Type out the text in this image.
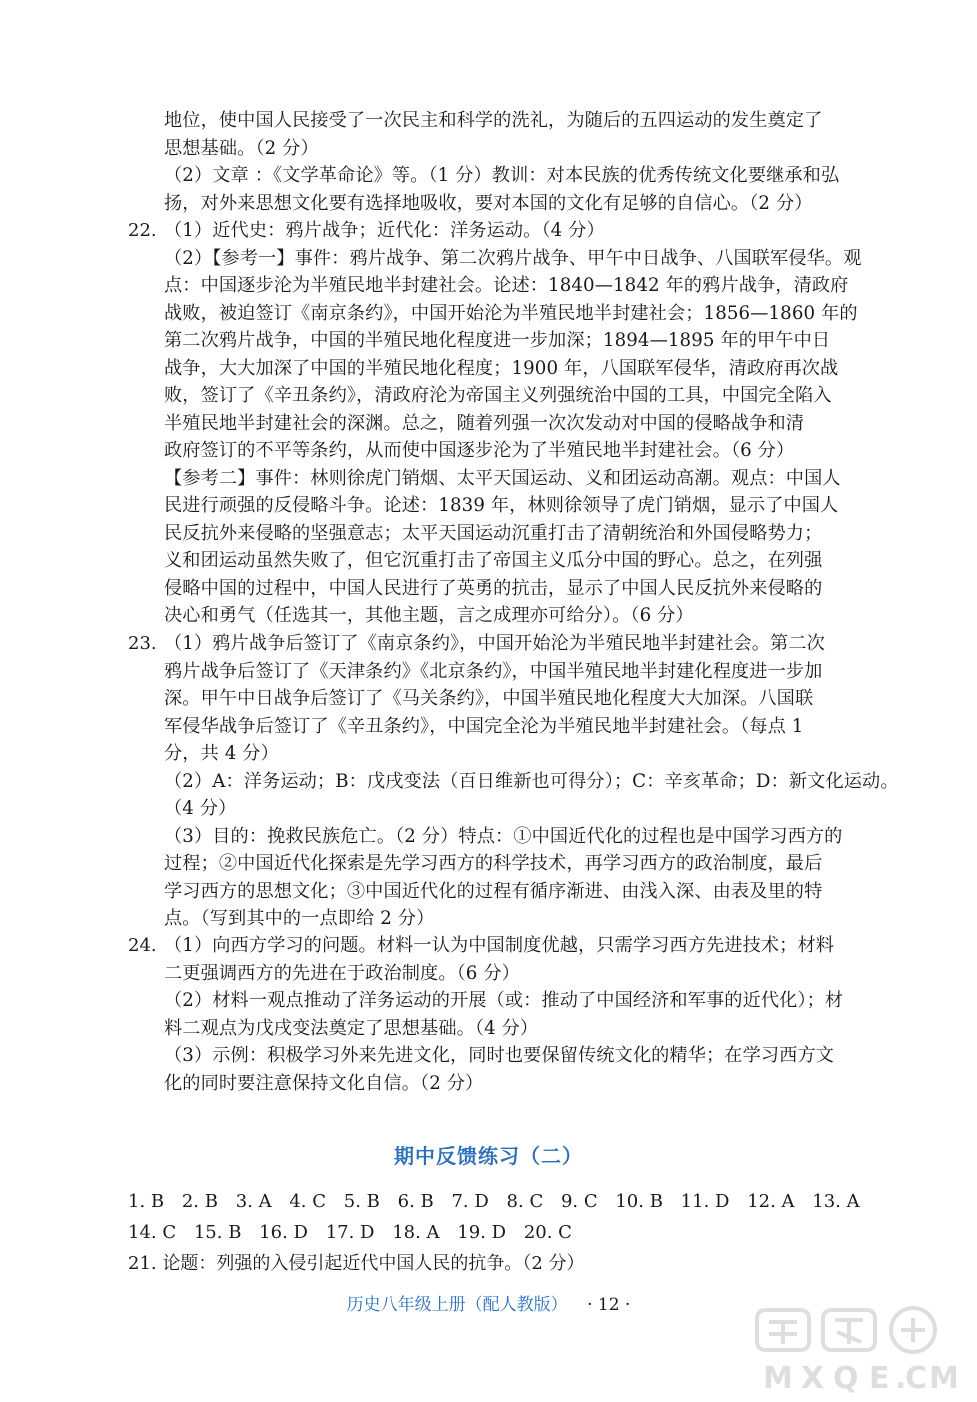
地位，使中国人民接受了一次民主和科学的洗礼，为随后的五四运动的发生奠定了
思想基础。（2 分）
（2）文章 ：《文学革命论》等。（1 分）教训：对本民族的优秀传统文化要继承和弘
扬，对外来思想文化要有选择地吸收，要对本国的文化有足够的自信心。（2 分）
22. （1）近代史：鸦片战争；近代化：洋务运动。（4 分）
（2）【参考一】事件：鸦片战争、第二次鸦片战争、甲午中日战争、八国联军侵华。观
点：中国逐步沦为半殖民地半封建社会。论述：1840—1842 年的鸦片战争，清政府
战败，被迫签订《南京条约》，中国开始沦为半殖民地半封建社会；1856—1860 年的
第二次鸦片战争，中国的半殖民地化程度进一步加深；1894—1895 年的甲午中日
战争，大大加深了中国的半殖民地化程度；1900 年，八国联军侵华，清政府再次战
败，签订了《辛丑条约》，清政府沦为帝国主义列强统治中国的工具，中国完全陷入
半殖民地半封建社会的深渊。总之，随着列强一次次发动对中国的侵略战争和清
政府签订的不平等条约，从而使中国逐步沦为了半殖民地半封建社会。（6 分）
【参考二】事件：林则徐虎门销烟、太平天国运动、义和团运动高潮。观点：中国人
民进行顽强的反侵略斗争。论述：1839 年，林则徐领导了虎门销烟，显示了中国人
民反抗外来侵略的坚强意志；太平天国运动沉重打击了清朝统治和外国侵略势力；
义和团运动虽然失败了，但它沉重打击了帝国主义瓜分中国的野心。总之，在列强
侵略中国的过程中，中国人民进行了英勇的抗击，显示了中国人民反抗外来侵略的
决心和勇气（任选其一，其他主题，言之成理亦可给分）。（6 分）
23. （1）鸦片战争后签订了《南京条约》，中国开始沦为半殖民地半封建社会。第二次
鸦片战争后签订了《天津条约》《北京条约》，中国半殖民地半封建化程度进一步加
深。甲午中日战争后签订了《马关条约》，中国半殖民地化程度大大加深。八国联
军侵华战争后签订了《辛丑条约》，中国完全沦为半殖民地半封建社会。（每点 1
分，共 4 分）
（2）A：洋务运动；B：戊戌变法（百日维新也可得分）；C：辛亥革命；D：新文化运动。
（4 分）
（3）目的：挽救民族危亡。（2 分）特点：①中国近代化的过程也是中国学习西方的
过程；②中国近代化探索是先学习西方的科学技术，再学习西方的政治制度，最后
学习西方的思想文化；③中国近代化的过程有循序渐进、由浅入深、由表及里的特
点。（写到其中的一点即给 2 分）
24. （1）向西方学习的问题。材料一认为中国制度优越，只需学习西方先进技术；材料
二更强调西方的先进在于政治制度。（6 分）
（2）材料一观点推动了洋务运动的开展（或：推动了中国经济和军事的近代化）；材
料二观点为戊戌变法奠定了思想基础。（4 分）
（3）示例：积极学习外来先进文化，同时也要保留传统文化的精华；在学习西方文
化的同时要注意保持文化自信。（2 分）
期中反馈练习（二）
1. B 2. B 3. A 4. C 5. B 6. B 7. D 8. C 9. C 10. B 11. D 12. A 13. A
14. C 15. B 16. D 17. D 18. A 19. D 20. C
21. 论题：列强的入侵引起近代中国人民的抗争。（2 分）
历史八年级上册（配人教版） · 12 ·
M X Q E .
C M
